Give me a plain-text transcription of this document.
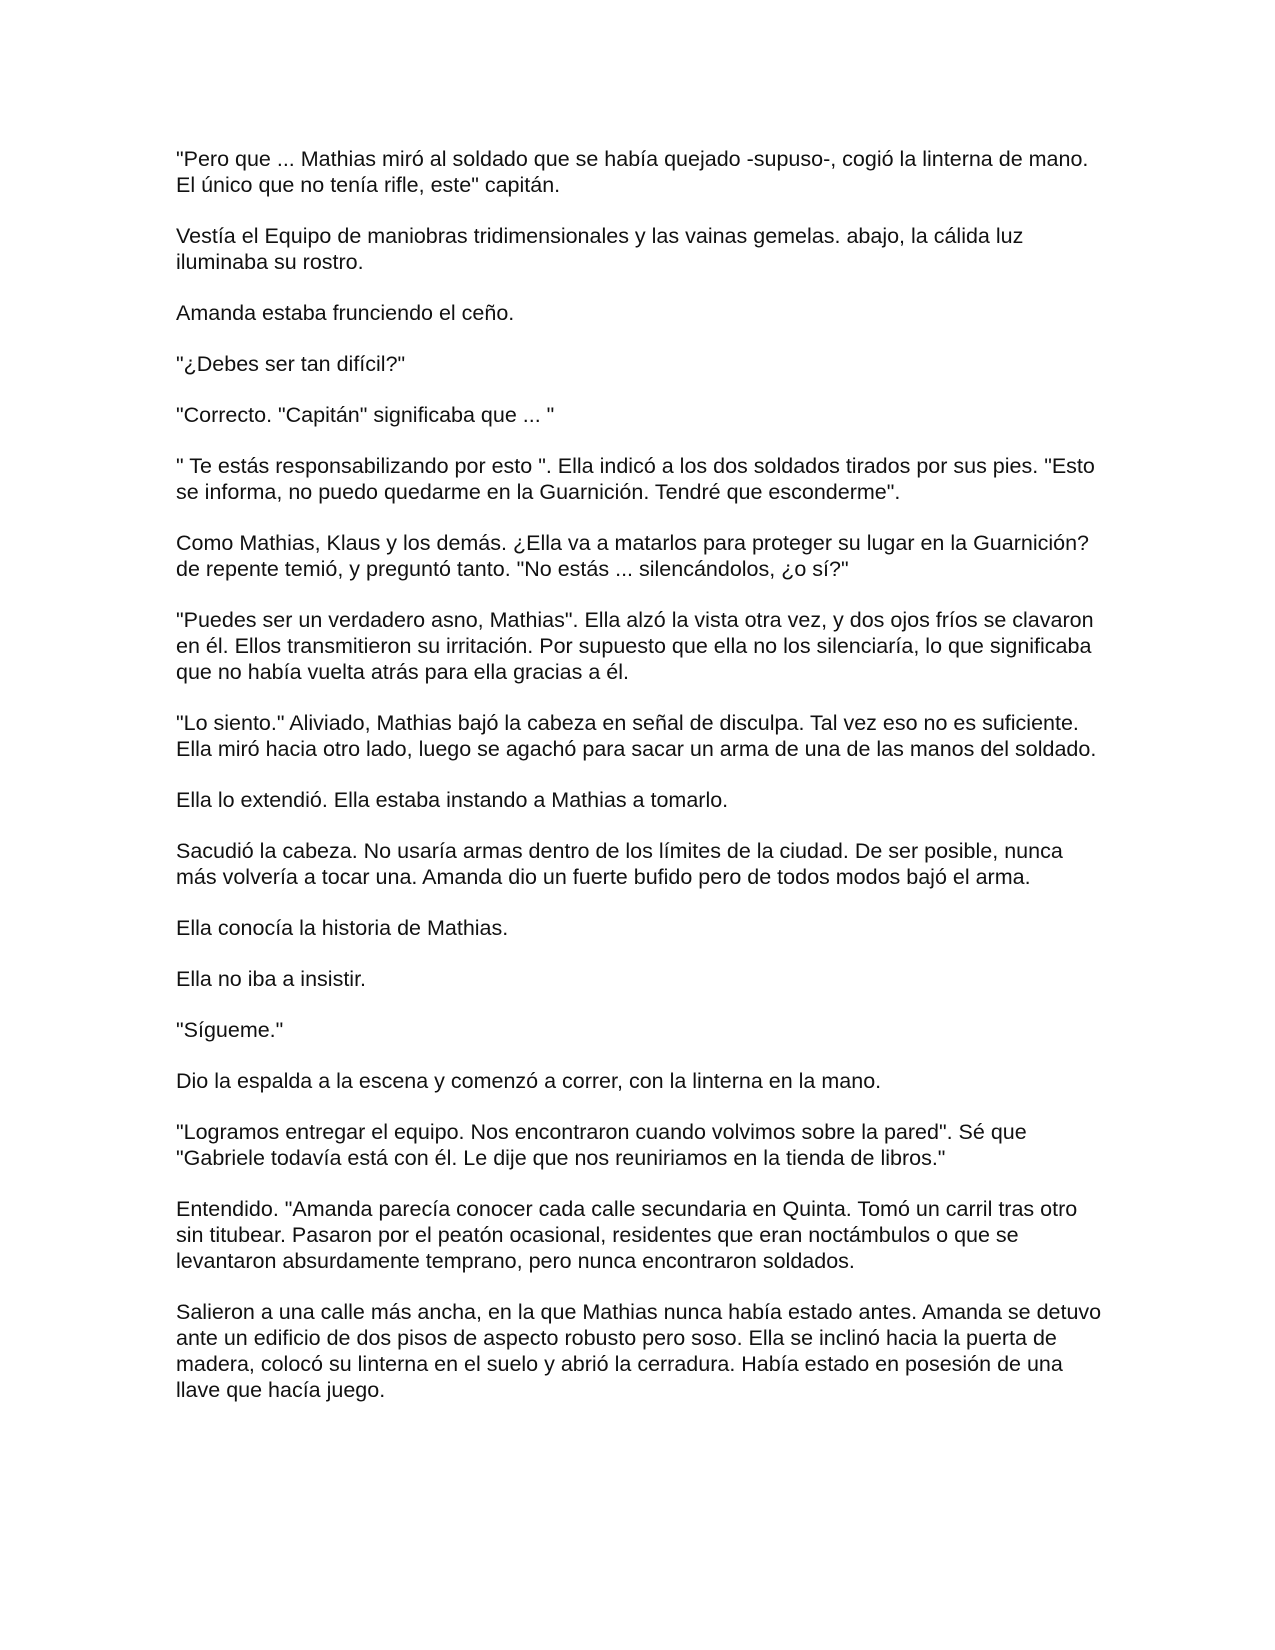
"Pero que ... Mathias miró al soldado que se había quejado -supuso-, cogió la linterna de mano. El único que no tenía rifle, este" capitán.

Vestía el Equipo de maniobras tridimensionales y las vainas gemelas. abajo, la cálida luz iluminaba su rostro.

Amanda estaba frunciendo el ceño.

"¿Debes ser tan difícil?"

"Correcto. "Capitán" significaba que ... "

" Te estás responsabilizando por esto ". Ella indicó a los dos soldados tirados por sus pies. "Esto se informa, no puedo quedarme en la Guarnición. Tendré que esconderme".

Como Mathias, Klaus y los demás. ¿Ella va a matarlos para proteger su lugar en la Guarnición? de repente temió, y preguntó tanto. "No estás ... silencándolos, ¿o sí?"

"Puedes ser un verdadero asno, Mathias". Ella alzó la vista otra vez, y dos ojos fríos se clavaron en él. Ellos transmitieron su irritación. Por supuesto que ella no los silenciaría, lo que significaba que no había vuelta atrás para ella gracias a él.

"Lo siento." Aliviado, Mathias bajó la cabeza en señal de disculpa. Tal vez eso no es suficiente. Ella miró hacia otro lado, luego se agachó para sacar un arma de una de las manos del soldado.

Ella lo extendió. Ella estaba instando a Mathias a tomarlo.

Sacudió la cabeza. No usaría armas dentro de los límites de la ciudad. De ser posible, nunca más volvería a tocar una. Amanda dio un fuerte bufido pero de todos modos bajó el arma.

Ella conocía la historia de Mathias.

Ella no iba a insistir.

"Sígueme."

Dio la espalda a la escena y comenzó a correr, con la linterna en la mano.

"Logramos entregar el equipo. Nos encontraron cuando volvimos sobre la pared". Sé que "Gabriele todavía está con él. Le dije que nos reuniriamos en la tienda de libros."

Entendido. "Amanda parecía conocer cada calle secundaria en Quinta. Tomó un carril tras otro sin titubear. Pasaron por el peatón ocasional, residentes que eran noctámbulos o que se levantaron absurdamente temprano, pero nunca encontraron soldados.

Salieron a una calle más ancha, en la que Mathias nunca había estado antes. Amanda se detuvo ante un edificio de dos pisos de aspecto robusto pero soso. Ella se inclinó hacia la puerta de madera, colocó su linterna en el suelo y abrió la cerradura. Había estado en posesión de una llave que hacía juego.
